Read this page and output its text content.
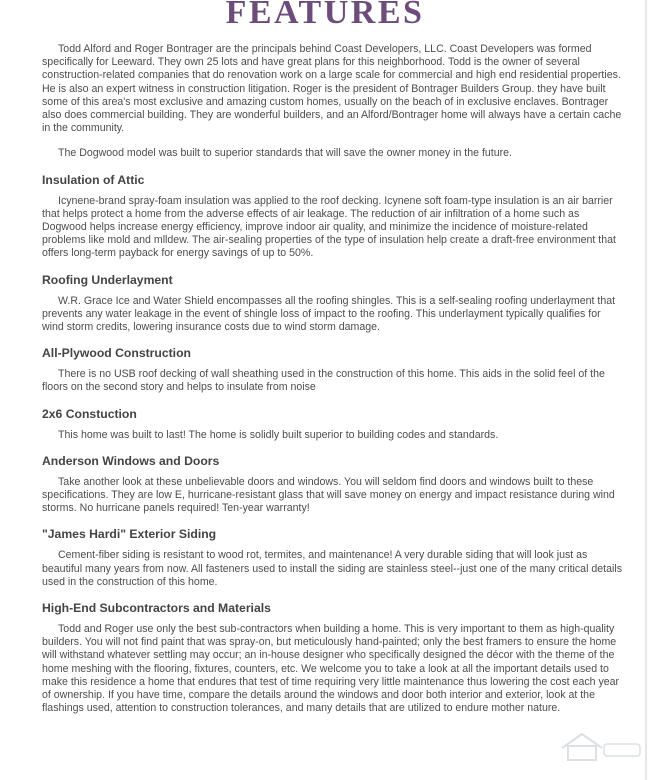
FEATURES

Todd Alford and Roger Bontrager are the principals behind Coast Developers, LLC. Coast Developers was formed specifically for Leeward. They own 25 lots and have great plans for this neighborhood. Todd is the owner of several construction-related companies that do renovation work on a large scale for commercial and high end residential properties. He is also an expert witness in construction litigation. Roger is the president of Bontrager Builders Group. they have built some of this area's most exclusive and amazing custom homes, usually on the beach of in exclusive enclaves. Bontrager also does commercial building. They are wonderful builders, and an Alford/Bontrager home will always have a certain cache in the community.

The Dogwood model was built to superior standards that will save the owner money in the future.

Insulation of Attic

Icynene-brand spray-foam insulation was applied to the roof decking. Icynene soft foam-type insulation is an air barrier that helps protect a home from the adverse effects of air leakage. The reduction of air infiltration of a home such as Dogwood helps increase energy efficiency, improve indoor air quality, and minimize the incidence of moisture-related problems like mold and mlldew. The air-sealing properties of the type of insulation help create a draft-free environment that offers long-term payback for energy savings of up to 50%.

Roofing Underlayment

W.R. Grace Ice and Water Shield encompasses all the roofing shingles. This is a self-sealing roofing underlayment that prevents any water leakage in the event of shingle loss of impact to the roofing. This underlayment typically qualifies for wind storm credits, lowering insurance costs due to wind storm damage.

All-Plywood Construction

There is no USB roof decking of wall sheathing used in the construction of this home. This aids in the solid feel of the floors on the second story and helps to insulate from noise

2x6 Constuction

This home was built to last! The home is solidly built superior to building codes and standards.

Anderson Windows and Doors

Take another look at these unbelievable doors and windows. You will seldom find doors and windows built to these specifications. They are low E, hurricane-resistant glass that will save money on energy and impact resistance during wind storms. No hurricane panels required! Ten-year warranty!

"James Hardi" Exterior Siding

Cement-fiber siding is resistant to wood rot, termites, and maintenance! A very durable siding that will look just as beautiful many years from now. All fasteners used to install the siding are stainless steel--just one of the many critical details used in the construction of this home.

High-End Subcontractors and Materials

Todd and Roger use only the best sub-contractors when building a home. This is very important to them as high-quality builders. You will not find paint that was spray-on, but meticulously hand-painted; only the best framers to ensure the home will withstand whatever settling may occur; an in-house designer who specifically designed the décor with the theme of the home meshing with the flooring, fixtures, counters, etc. We welcome you to take a look at all the important details used to make this residence a home that endures that test of time requiring very little maintenance thus lowering the cost each year of ownership. If you have time, compare the details around the windows and door both interior and exterior, look at the flashings used, attention to construction tolerances, and many details that are utilized to endure mother nature.
